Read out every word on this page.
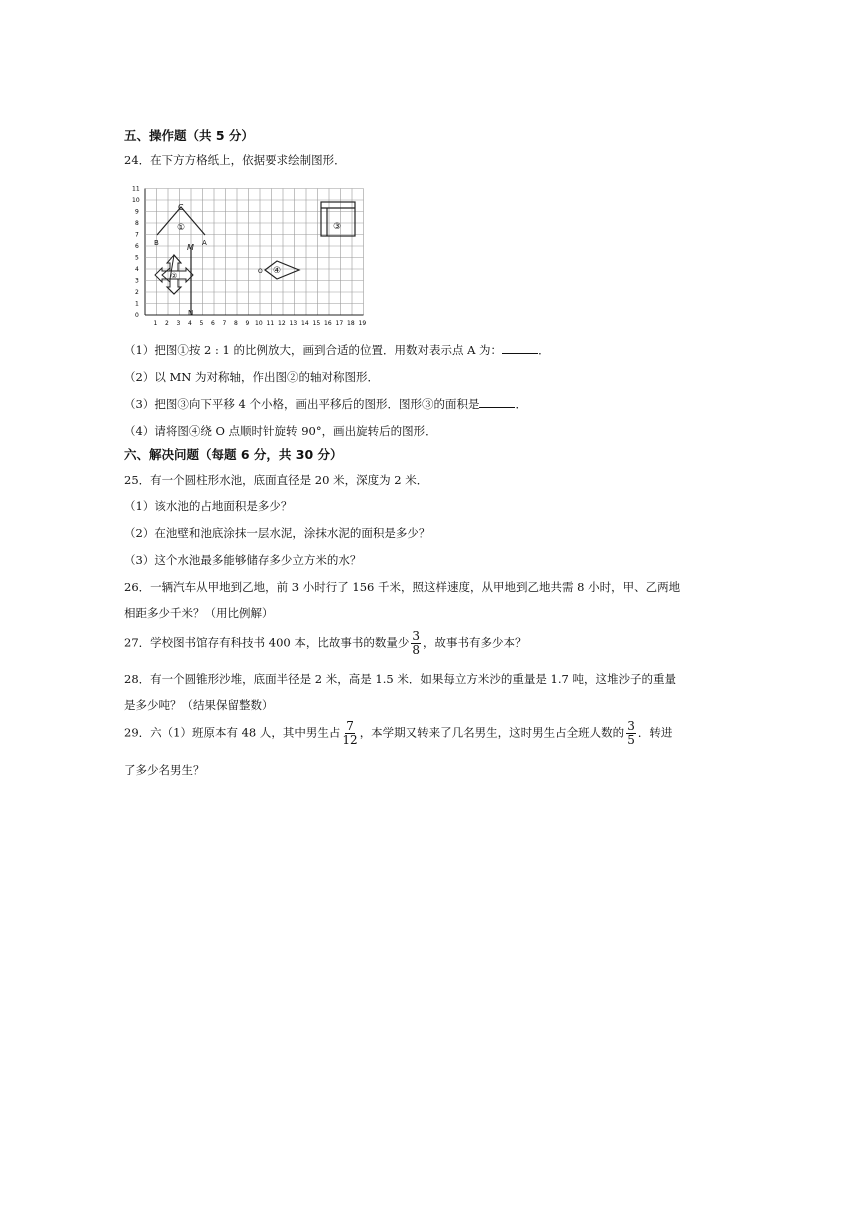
五、操作题（共 5 分）
24．在下方方格纸上，依据要求绘制图形．
1 2 3 4 5 6 7 8 9 10 11 12 13 14 15 16 17 18 19
0
1
2
3
4
5
6
7
8
9
10
11
C
①
B	A
M
N
②
③
O ④
（1）把图①按 2 : 1 的比例放大，画到合适的位置．用数对表示点 A 为：	．
（2）以 MN 为对称轴，作出图②的轴对称图形．
（3）把图③向下平移 4 个小格，画出平移后的图形．图形③的面积是	．
（4）请将图④绕 O 点顺时针旋转 90°，画出旋转后的图形．
六、解决问题（每题 6 分，共 30 分）
25．有一个圆柱形水池，底面直径是 20 米，深度为 2 米．
（1）该水池的占地面积是多少？
（2）在池壁和池底涂抹一层水泥，涂抹水泥的面积是多少？
（3）这个水池最多能够储存多少立方米的水？
26．一辆汽车从甲地到乙地，前 3 小时行了 156 千米，照这样速度，从甲地到乙地共需 8 小时，甲、乙两地
相距多少千米？（用比例解）
27．学校图书馆存有科技书 400 本，比故事书的数量少 $\frac{3}{8}$ ，故事书有多少本？
28．有一个圆锥形沙堆，底面半径是 2 米，高是 1.5 米．如果每立方米沙的重量是 1.7 吨，这堆沙子的重量
是多少吨？（结果保留整数）
29．六（1）班原本有 48 人，其中男生占 $\frac{7}{12}$ ，本学期又转来了几名男生，这时男生占全班人数的 $\frac{3}{5}$ ．转进
了多少名男生？
